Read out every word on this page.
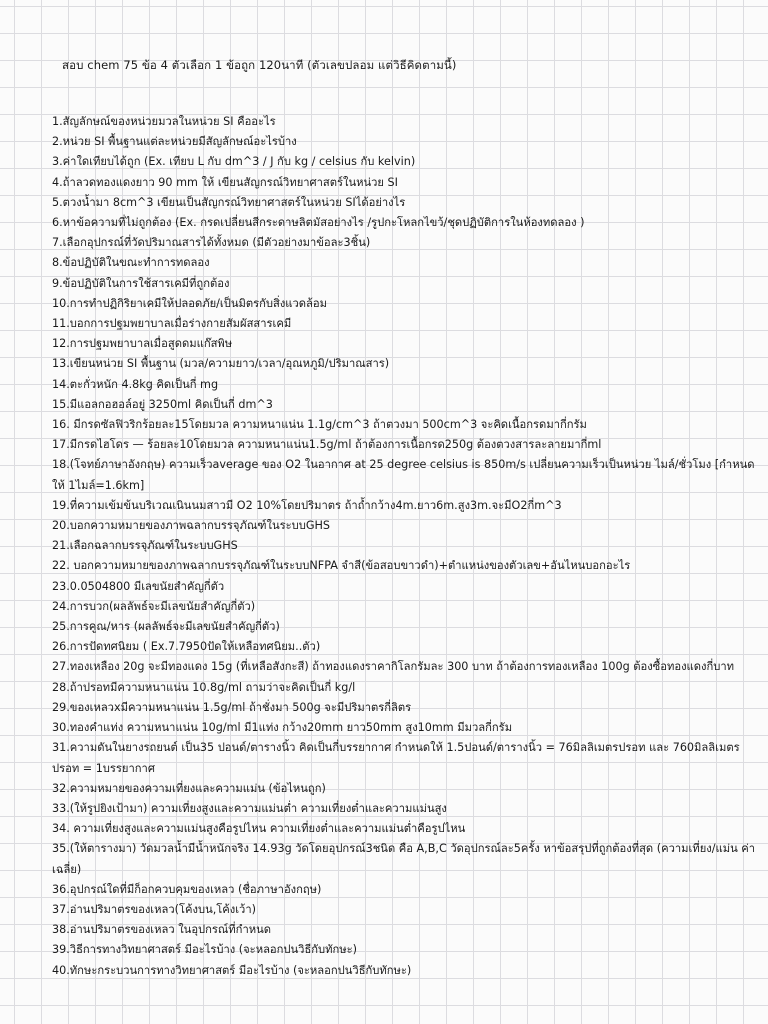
สอบ chem 75 ข้อ 4 ตัวเลือก 1 ข้อถูก 120นาที (ตัวเลขปลอม แต่วิธีคิดตามนี้)
1.สัญลักษณ์ของหน่วยมวลในหน่วย SI คืออะไร
2.หน่วย SI พื้นฐานแต่ละหน่วยมีสัญลักษณ์อะไรบ้าง
3.ค่าใดเทียบได้ถูก (Ex. เทียบ L กับ dm^3 / J กับ kg / celsius กับ kelvin)
4.ถ้าลวดทองแดงยาว 90 mm ให้ เขียนสัญกรณ์วิทยาศาสตร์ในหน่วย SI
5.ตวงน้ำมา 8cm^3 เขียนเป็นสัญกรณ์วิทยาศาสตร์ในหน่วย SIได้อย่างไร
6.หาข้อความที่ไม่ถูกต้อง (Ex. กรดเปลี่ยนสีกระดาษลิตมัสอย่างไร /รูปกะโหลกไขว้/ชุดปฏิบัติการในห้องทดลอง )
7.เลือกอุปกรณ์ที่วัดปริมาณสารได้ทั้งหมด (มีตัวอย่างมาข้อละ3ชิ้น)
8.ข้อปฏิบัติในขณะทำการทดลอง
9.ข้อปฏิบัติในการใช้สารเคมีที่ถูกต้อง
10.การทำปฏิกิริยาเคมีให้ปลอดภัย/เป็นมิตรกับสิ่งแวดล้อม
11.บอกการปฐมพยาบาลเมื่อร่างกายสัมผัสสารเคมี
12.การปฐมพยาบาลเมื่อสูดดมแก๊สพิษ
13.เขียนหน่วย SI พื้นฐาน (มวล/ความยาว/เวลา/อุณหภูมิ/ปริมาณสาร)
14.ตะกั่วหนัก 4.8kg คิดเป็นกี่ mg
15.มีแอลกอฮอล์อยู่ 3250ml คิดเป็นกี่ dm^3
16. มีกรดซัลฟิวริกร้อยละ15โดยมวล ความหนาแน่น 1.1g/cm^3 ถ้าตวงมา 500cm^3 จะคิดเนื้อกรดมากี่กรัม
17.มีกรดไฮโดร — ร้อยละ10โดยมวล ความหนาแน่น1.5g/ml ถ้าต้องการเนื้อกรด250g ต้องตวงสารละลายมากี่ml
18.(โจทย์ภาษาอังกฤษ) ความเร็วaverage ของ O2 ในอากาศ at 25 degree celsius is 850m/s เปลี่ยนความเร็วเป็นหน่วย ไมล์/ชั่วโมง [กำหนดให้ 1ไมล์=1.6km]
19.ที่ความเข้มข้นบริเวณเนินนมสาวมี O2 10%โดยปริมาตร ถ้าถ้ำกว้าง4m.ยาว6m.สูง3m.จะมีO2กี่m^3
20.บอกความหมายของภาพฉลากบรรจุภัณฑ์ในระบบGHS
21.เลือกฉลากบรรจุภัณฑ์ในระบบGHS
22. บอกความหมายของภาพฉลากบรรจุภัณฑ์ในระบบNFPA จำสี(ข้อสอบขาวดำ)+ตำแหน่งของตัวเลข+อันไหนบอกอะไร
23.0.0504800 มีเลขนัยสำคัญกี่ตัว
24.การบวก(ผลลัพธ์จะมีเลขนัยสำคัญกี่ตัว)
25.การคูณ/หาร (ผลลัพธ์จะมีเลขนัยสำคัญกี่ตัว)
26.การปัดทศนิยม ( Ex.7.7950ปัดให้เหลือทศนิยม..ตัว)
27.ทองเหลือง 20g จะมีทองแดง 15g (ที่เหลือสังกะสี) ถ้าทองแดงราคากิโลกรัมละ 300 บาท ถ้าต้องการทองเหลือง 100g ต้องซื้อทองแดงกี่บาท
28.ถ้าปรอทมีความหนาแน่น 10.8g/ml ถามว่าจะคิดเป็นกี่ kg/l
29.ของเหลวxมีความหนาแน่น 1.5g/ml ถ้าชั่งมา 500g จะมีปริมาตรกี่ลิตร
30.ทองคำแท่ง ความหนาแน่น 10g/ml มี1แท่ง กว้าง20mm ยาว50mm สูง10mm มีมวลกี่กรัม
31.ความดันในยางรถยนต์ เป็น35 ปอนด์/ตารางนิ้ว คิดเป็นกี่บรรยากาศ กำหนดให้ 1.5ปอนด์/ตารางนิ้ว = 76มิลลิเมตรปรอท และ 760มิลลิเมตรปรอท = 1บรรยากาศ
32.ความหมายของความเที่ยงและความแม่น (ข้อไหนถูก)
33.(ให้รูปยิงเป้ามา) ความเที่ยงสูงและความแม่นต่ำ ความเที่ยงต่ำและความแม่นสูง
34. ความเที่ยงสูงและความแม่นสูงคือรูปไหน ความเที่ยงต่ำและความแม่นต่ำคือรูปไหน
35.(ให้ตารางมา) วัดมวลน้ำมีน้ำหนักจริง 14.93g วัดโดยอุปกรณ์3ชนิด คือ A,B,C วัดอุปกรณ์ละ5ครั้ง หาข้อสรุปที่ถูกต้องที่สุด (ความเที่ยง/แม่น ค่าเฉลี่ย)
36.อุปกรณ์ใดที่มีก็อกควบคุมของเหลว (ชื่อภาษาอังกฤษ)
37.อ่านปริมาตรของเหลว(โค้งบน,โค้งเว้า)
38.อ่านปริมาตรของเหลว ในอุปกรณ์ที่กำหนด
39.วิธีการทางวิทยาศาสตร์ มีอะไรบ้าง (จะหลอกปนวิธีกับทักษะ)
40.ทักษะกระบวนการทางวิทยาศาสตร์ มีอะไรบ้าง (จะหลอกปนวิธีกับทักษะ)
